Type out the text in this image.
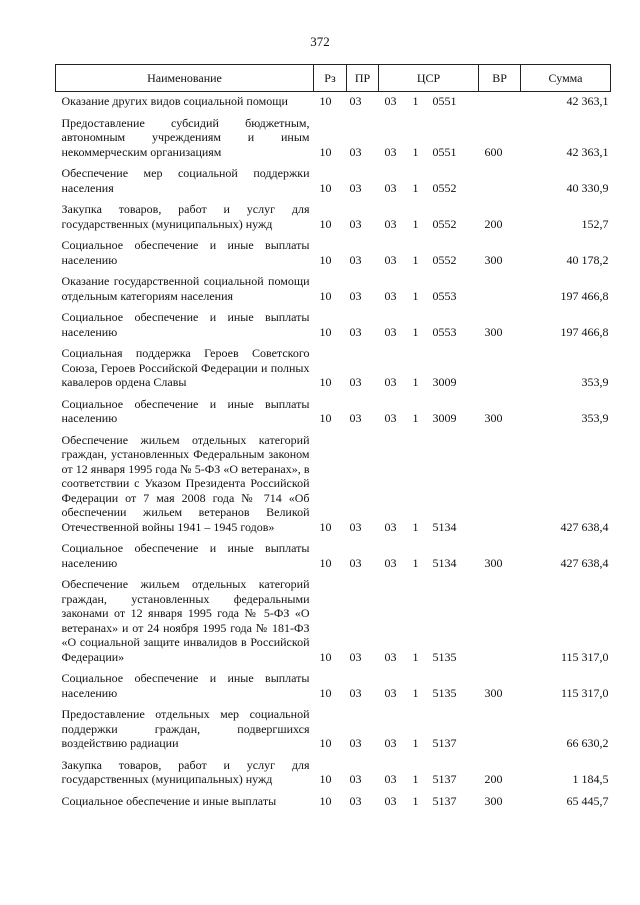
372
Наименование	Рз	ПР	ЦСР			ВР	Сумма
Оказание других видов социальной помощи	10	03	03	1	0551		42 363,1
Предоставление субсидий бюджетным, автономным учреждениям и иным некоммерческим организациям	10	03	03	1	0551	600	42 363,1
Обеспечение мер социальной поддержки населения	10	03	03	1	0552		40 330,9
Закупка товаров, работ и услуг для государственных (муниципальных) нужд	10	03	03	1	0552	200	152,7
Социальное обеспечение и иные выплаты населению	10	03	03	1	0552	300	40 178,2
Оказание государственной социальной помощи отдельным категориям населения	10	03	03	1	0553		197 466,8
Социальное обеспечение и иные выплаты населению	10	03	03	1	0553	300	197 466,8
Социальная поддержка Героев Советского Союза, Героев Российской Федерации и полных кавалеров ордена Славы	10	03	03	1	3009		353,9
Социальное обеспечение и иные выплаты населению	10	03	03	1	3009	300	353,9
Обеспечение жильем отдельных категорий граждан, установленных Федеральным законом от 12 января 1995 года № 5-ФЗ «О ветеранах», в соответствии с Указом Президента Российской Федерации от 7 мая 2008 года № 714 «Об обеспечении жильем ветеранов Великой Отечественной войны 1941 – 1945 годов»	10	03	03	1	5134		427 638,4
Социальное обеспечение и иные выплаты населению	10	03	03	1	5134	300	427 638,4
Обеспечение жильем отдельных категорий граждан, установленных федеральными законами от 12 января 1995 года № 5-ФЗ «О ветеранах» и от 24 ноября 1995 года № 181-ФЗ «О социальной защите инвалидов в Российской Федерации»	10	03	03	1	5135		115 317,0
Социальное обеспечение и иные выплаты населению	10	03	03	1	5135	300	115 317,0
Предоставление отдельных мер социальной поддержки граждан, подвергшихся воздействию радиации	10	03	03	1	5137		66 630,2
Закупка товаров, работ и услуг для государственных (муниципальных) нужд	10	03	03	1	5137	200	1 184,5
Социальное обеспечение и иные выплаты	10	03	03	1	5137	300	65 445,7
